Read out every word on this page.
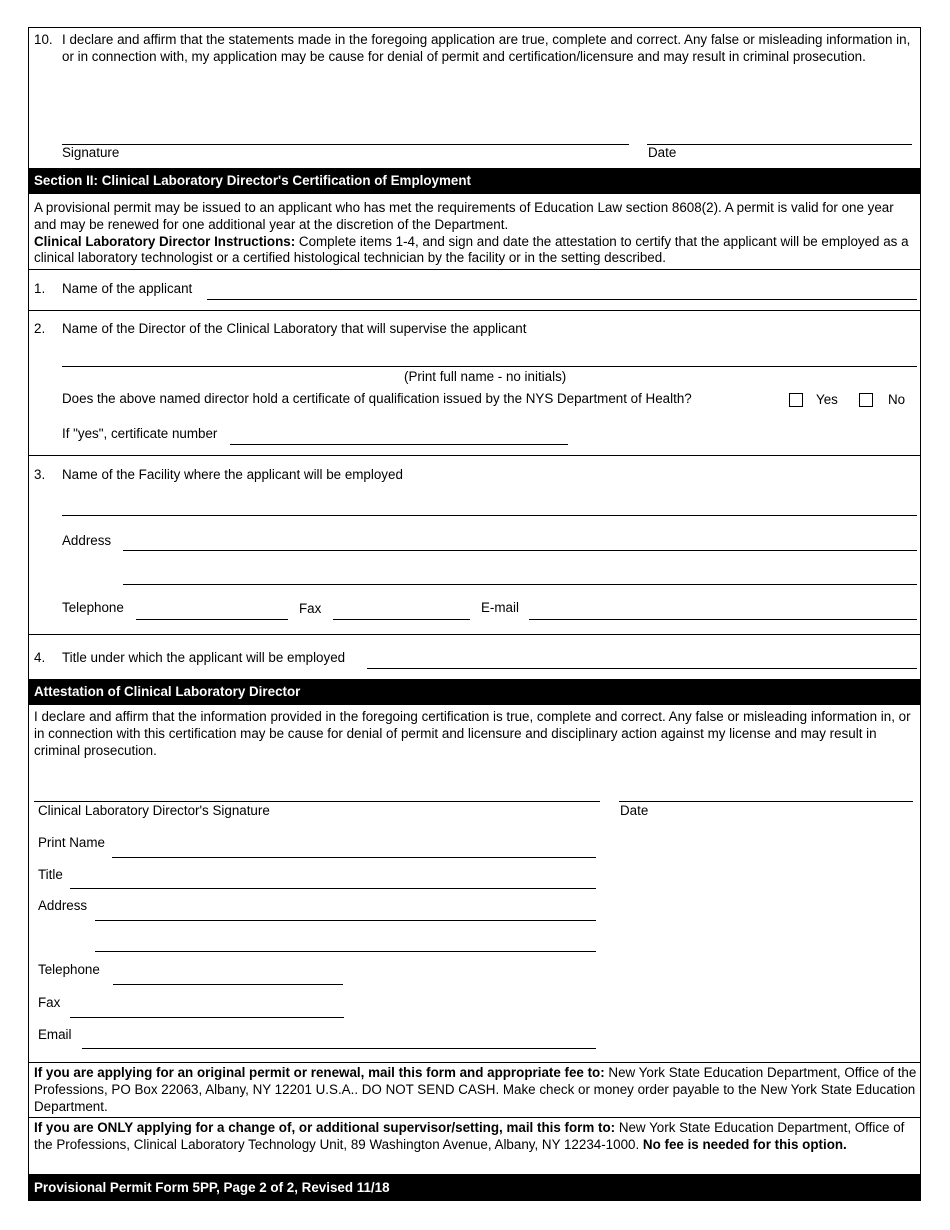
10. I declare and affirm that the statements made in the foregoing application are true, complete and correct. Any false or misleading information in, or in connection with, my application may be cause for denial of permit and certification/licensure and may result in criminal prosecution.
Signature	Date
Section II: Clinical Laboratory Director's Certification of Employment
A provisional permit may be issued to an applicant who has met the requirements of Education Law section 8608(2). A permit is valid for one year and may be renewed for one additional year at the discretion of the Department.
Clinical Laboratory Director Instructions: Complete items 1-4, and sign and date the attestation to certify that the applicant will be employed as a clinical laboratory technologist or a certified histological technician by the facility or in the setting described.
1. Name of the applicant
2. Name of the Director of the Clinical Laboratory that will supervise the applicant
(Print full name - no initials)
Does the above named director hold a certificate of qualification issued by the NYS Department of Health?	Yes	No
If "yes", certificate number
3. Name of the Facility where the applicant will be employed
Address
Telephone	Fax	E-mail
4. Title under which the applicant will be employed
Attestation of Clinical Laboratory Director
I declare and affirm that the information provided in the foregoing certification is true, complete and correct. Any false or misleading information in, or in connection with this certification may be cause for denial of permit and licensure and disciplinary action against my license and may result in criminal prosecution.
Clinical Laboratory Director's Signature	Date
Print Name
Title
Address
Telephone
Fax
Email
If you are applying for an original permit or renewal, mail this form and appropriate fee to: New York State Education Department, Office of the Professions, PO Box 22063, Albany, NY 12201 U.S.A.. DO NOT SEND CASH. Make check or money order payable to the New York State Education Department.
If you are ONLY applying for a change of, or additional supervisor/setting, mail this form to: New York State Education Department, Office of the Professions, Clinical Laboratory Technology Unit, 89 Washington Avenue, Albany, NY 12234-1000. No fee is needed for this option.
Provisional Permit Form 5PP, Page 2 of 2, Revised 11/18
